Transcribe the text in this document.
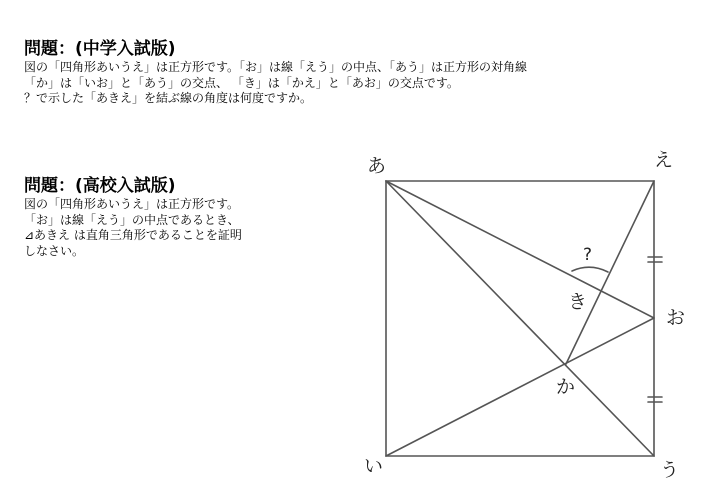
問題：(中学入試版)
図の「四角形あいうえ」は正方形です。「お」は線「えう」の中点、「あう」は正方形の対角線
「か」は「いお」と「あう」の交点、 「き」は「かえ」と「あお」の交点です。
？で示した「あきえ」を結ぶ線の角度は何度ですか。
問題：(高校入試版)
図の「四角形あいうえ」は正方形です。
「お」は線「えう」の中点であるとき、
⊿あきえ は直角三角形であることを証明
しなさい。
あ
い	う
え
お
か
き
?
